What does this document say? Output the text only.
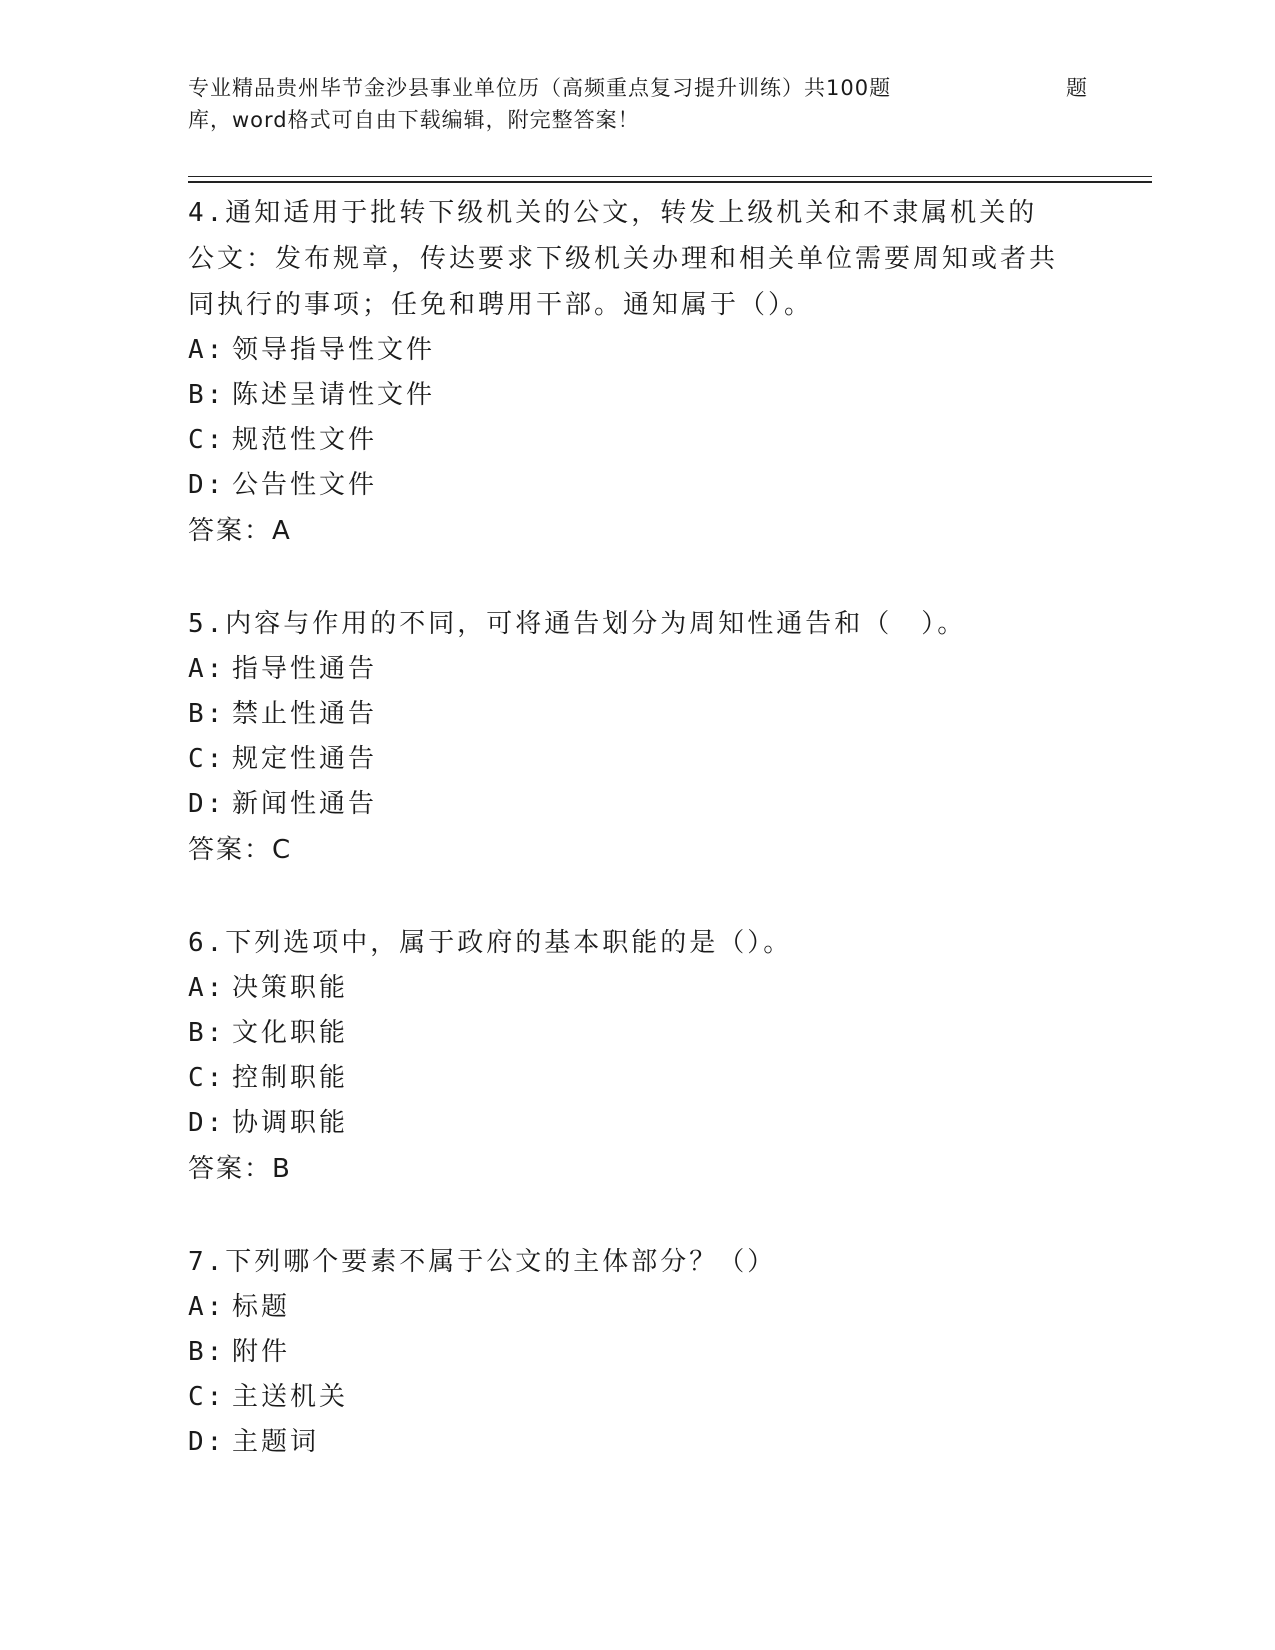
专业精品贵州毕节金沙县事业单位历（高频重点复习提升训练）共100题	题
库，word格式可自由下载编辑，附完整答案！
4.通知适用于批转下级机关的公文，转发上级机关和不隶属机关的公文：发布规章，传达要求下级机关办理和相关单位需要周知或者共同执行的事项；任免和聘用干部。通知属于（）。
A: 领导指导性文件
B: 陈述呈请性文件
C: 规范性文件
D: 公告性文件
答案：A
5.内容与作用的不同，可将通告划分为周知性通告和（　）。
A: 指导性通告
B: 禁止性通告
C: 规定性通告
D: 新闻性通告
答案：C
6.下列选项中，属于政府的基本职能的是（）。
A: 决策职能
B: 文化职能
C: 控制职能
D: 协调职能
答案：B
7.下列哪个要素不属于公文的主体部分？（）
A: 标题
B: 附件
C: 主送机关
D: 主题词
